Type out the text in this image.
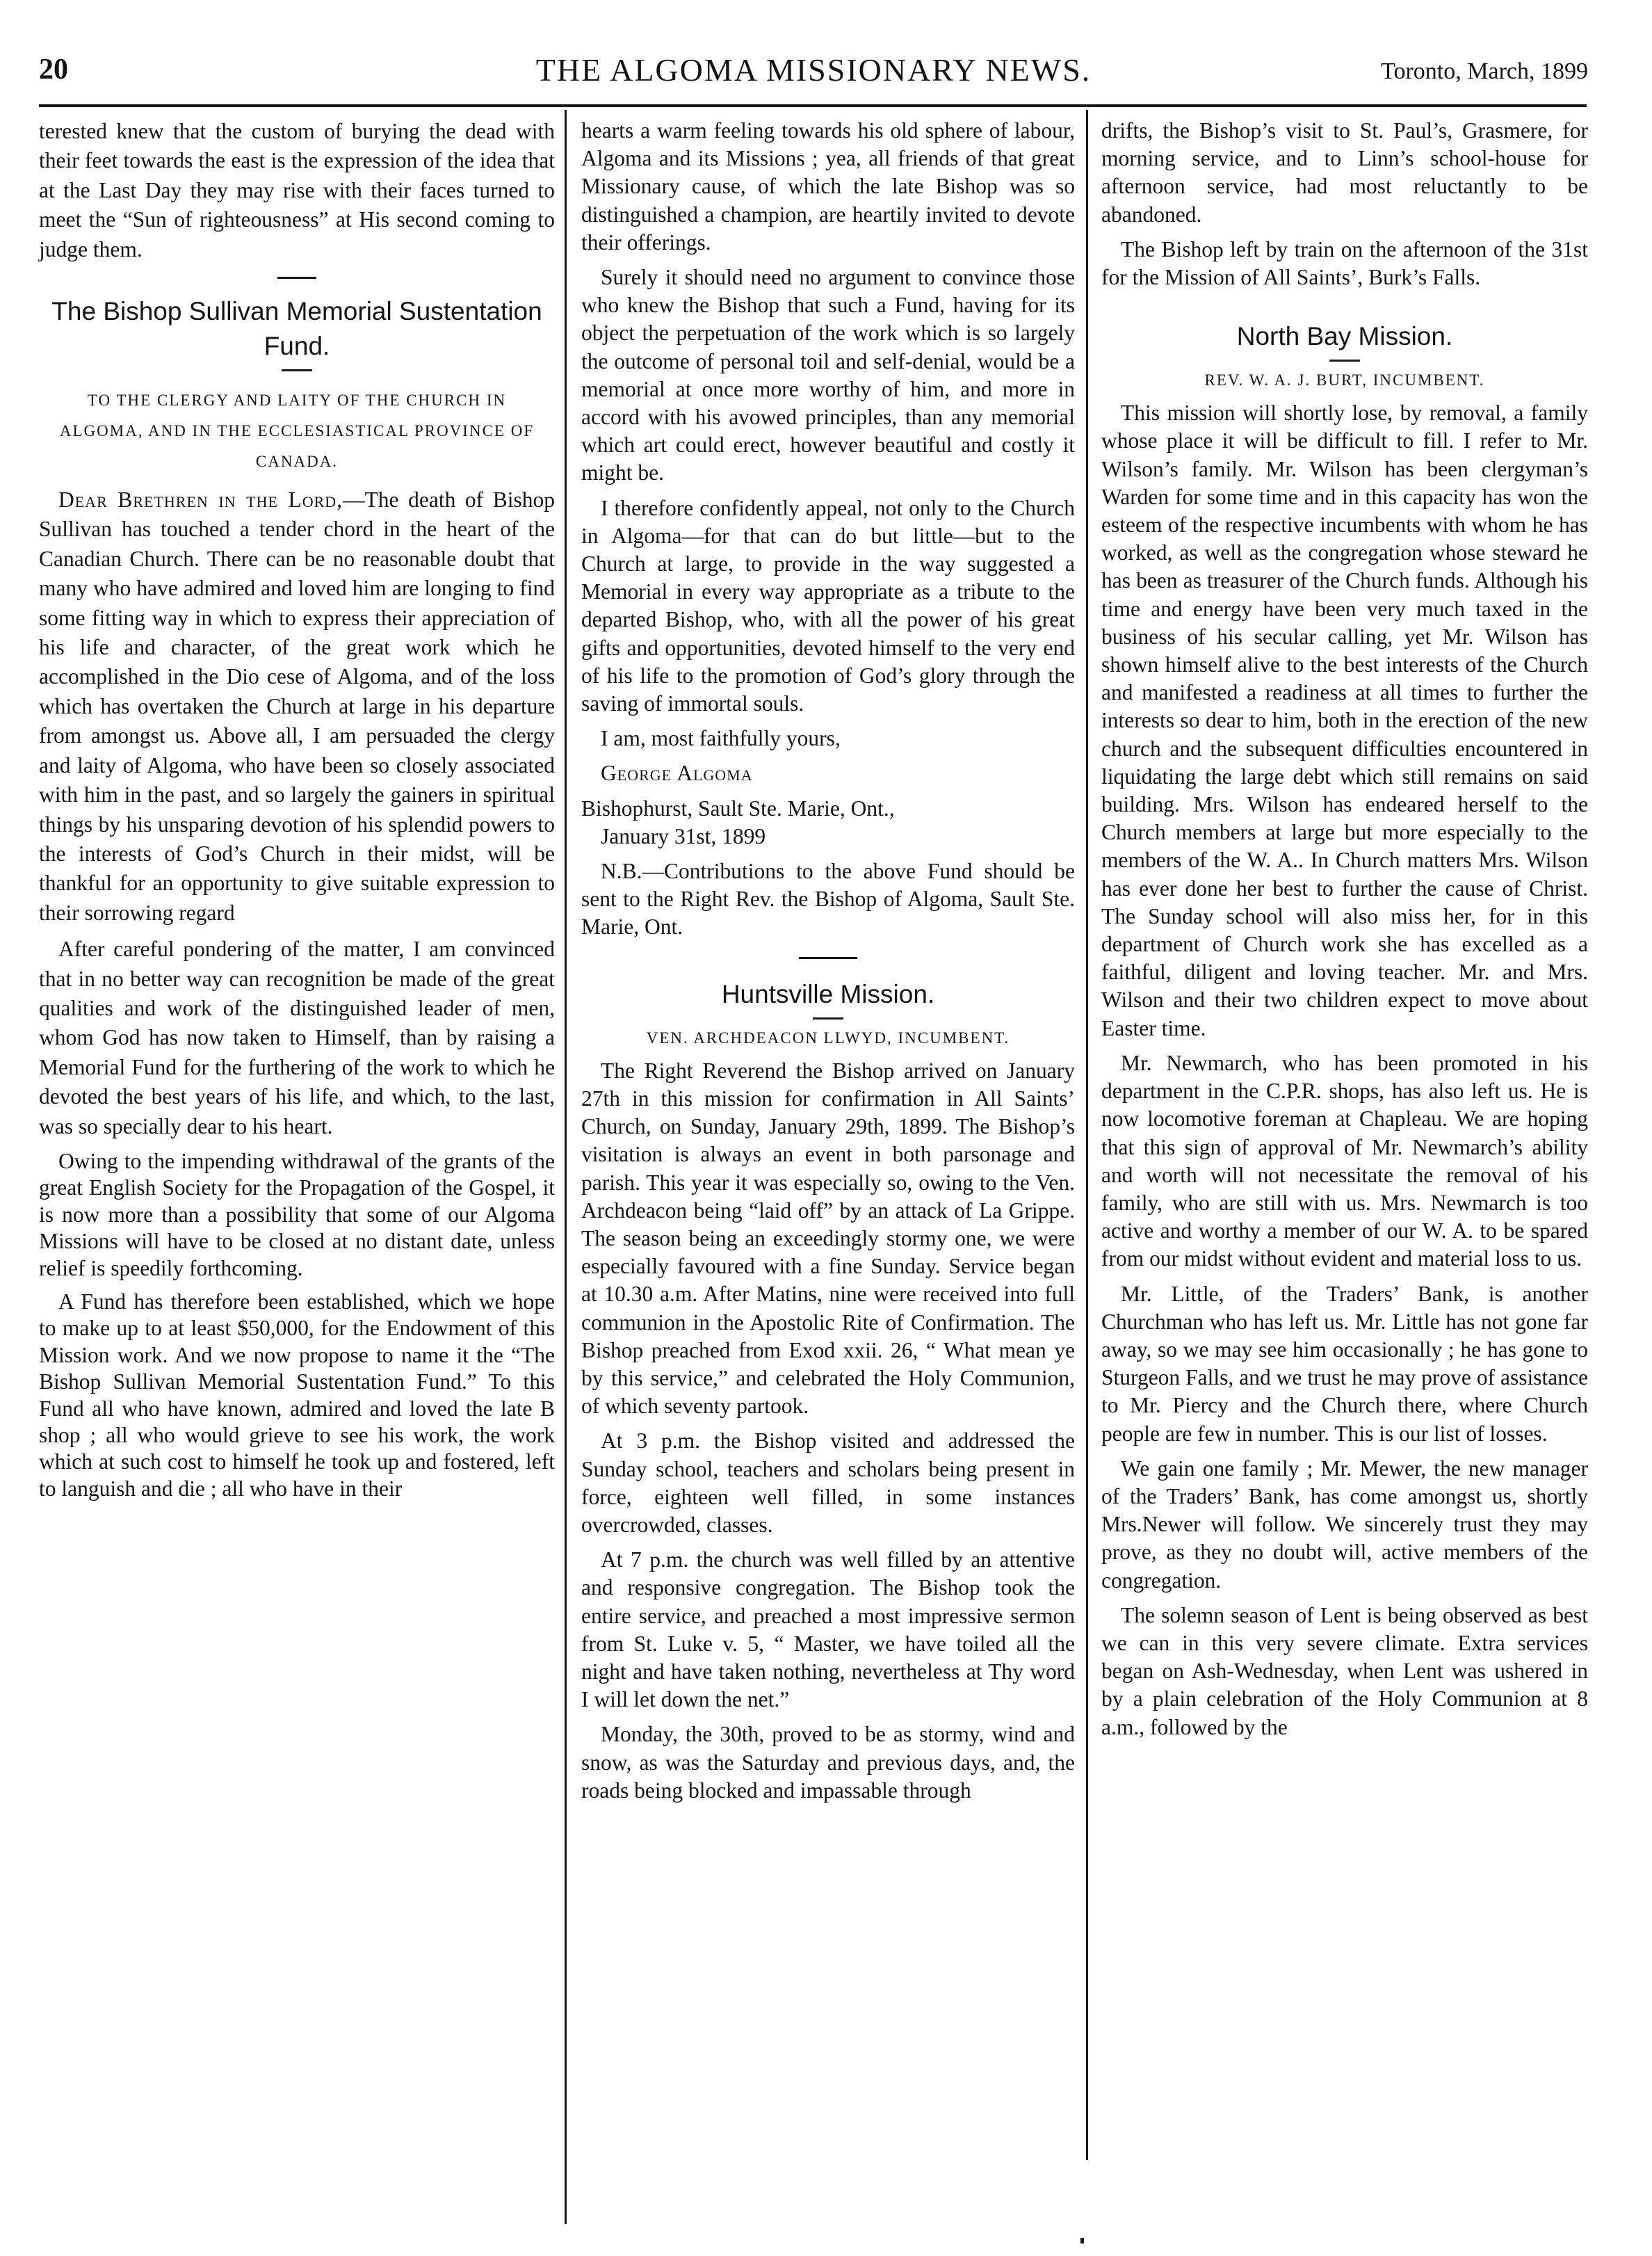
20	THE ALGOMA MISSIONARY NEWS.	Toronto, March, 1899

terested knew that the custom of burying the dead with their feet towards the east is the expression of the idea that at the Last Day they may rise with their faces turned to meet the “Sun of righteousness” at His second coming to judge them.

The Bishop Sullivan Memorial Sustentation Fund.
TO THE CLERGY AND LAITY OF THE CHURCH IN ALGOMA, AND IN THE ECCLESIASTICAL PROVINCE OF CANADA.

Dear Brethren in the Lord,—The death of Bishop Sullivan has touched a tender chord in the heart of the Canadian Church. There can be no reasonable doubt that many who have admired and loved him are longing to find some fitting way in which to express their appreciation of his life and character, of the great work which he accomplished in the Dio cese of Algoma, and of the loss which has overtaken the Church at large in his departure from amongst us. Above all, I am persuaded the clergy and laity of Algoma, who have been so closely associated with him in the past, and so largely the gainers in spiritual things by his unsparing devotion of his splendid powers to the interests of God’s Church in their midst, will be thankful for an opportunity to give suitable expression to their sorrowing regard

After careful pondering of the matter, I am convinced that in no better way can recognition be made of the great qualities and work of the distinguished leader of men, whom God has now taken to Himself, than by raising a Memorial Fund for the furthering of the work to which he devoted the best years of his life, and which, to the last, was so specially dear to his heart.

Owing to the impending withdrawal of the grants of the great English Society for the Propagation of the Gospel, it is now more than a possibility that some of our Algoma Missions will have to be closed at no distant date, unless relief is speedily forthcoming.

A Fund has therefore been established, which we hope to make up to at least $50,000, for the Endowment of this Mission work. And we now propose to name it the “The Bishop Sullivan Memorial Sustentation Fund.” To this Fund all who have known, admired and loved the late B shop ; all who would grieve to see his work, the work which at such cost to himself he took up and fostered, left to languish and die ; all who have in their

hearts a warm feeling towards his old sphere of labour, Algoma and its Missions ; yea, all friends of that great Missionary cause, of which the late Bishop was so distinguished a champion, are heartily invited to devote their offerings.

Surely it should need no argument to convince those who knew the Bishop that such a Fund, having for its object the perpetuation of the work which is so largely the outcome of personal toil and self-denial, would be a memorial at once more worthy of him, and more in accord with his avowed principles, than any memorial which art could erect, however beautiful and costly it might be.

I therefore confidently appeal, not only to the Church in Algoma—for that can do but little—but to the Church at large, to provide in the way suggested a Memorial in every way appropriate as a tribute to the departed Bishop, who, with all the power of his great gifts and opportunities, devoted himself to the very end of his life to the promotion of God’s glory through the saving of immortal souls.

I am, most faithfully yours,

George Algoma

Bishophurst, Sault Ste. Marie, Ont.,

January 31st, 1899

N.B.—Contributions to the above Fund should be sent to the Right Rev. the Bishop of Algoma, Sault Ste. Marie, Ont.

Huntsville Mission.
VEN. ARCHDEACON LLWYD, INCUMBENT.

The Right Reverend the Bishop arrived on January 27th in this mission for confirmation in All Saints’ Church, on Sunday, January 29th, 1899. The Bishop’s visitation is always an event in both parsonage and parish. This year it was especially so, owing to the Ven. Archdeacon being “laid off” by an attack of La Grippe. The season being an exceedingly stormy one, we were especially favoured with a fine Sunday. Service began at 10.30 a.m. After Matins, nine were received into full communion in the Apostolic Rite of Confirmation. The Bishop preached from Exod xxii. 26, “ What mean ye by this service,” and celebrated the Holy Communion, of which seventy partook.

At 3 p.m. the Bishop visited and addressed the Sunday school, teachers and scholars being present in force, eighteen well filled, in some instances overcrowded, classes.

At 7 p.m. the church was well filled by an attentive and responsive congregation. The Bishop took the entire service, and preached a most impressive sermon from St. Luke v. 5, “ Master, we have toiled all the night and have taken nothing, nevertheless at Thy word I will let down the net.”

Monday, the 30th, proved to be as stormy, wind and snow, as was the Saturday and previous days, and, the roads being blocked and impassable through

drifts, the Bishop’s visit to St. Paul’s, Grasmere, for morning service, and to Linn’s school-house for afternoon service, had most reluctantly to be abandoned.

The Bishop left by train on the afternoon of the 31st for the Mission of All Saints’, Burk’s Falls.

North Bay Mission.
REV. W. A. J. BURT, INCUMBENT.

This mission will shortly lose, by removal, a family whose place it will be difficult to fill. I refer to Mr. Wilson’s family. Mr. Wilson has been clergyman’s Warden for some time and in this capacity has won the esteem of the respective incumbents with whom he has worked, as well as the congregation whose steward he has been as treasurer of the Church funds. Although his time and energy have been very much taxed in the business of his secular calling, yet Mr. Wilson has shown himself alive to the best interests of the Church and manifested a readiness at all times to further the interests so dear to him, both in the erection of the new church and the subsequent difficulties encountered in liquidating the large debt which still remains on said building. Mrs. Wilson has endeared herself to the Church members at large but more especially to the members of the W. A.. In Church matters Mrs. Wilson has ever done her best to further the cause of Christ. The Sunday school will also miss her, for in this department of Church work she has excelled as a faithful, diligent and loving teacher. Mr. and Mrs. Wilson and their two children expect to move about Easter time.

Mr. Newmarch, who has been promoted in his department in the C.P.R. shops, has also left us. He is now locomotive foreman at Chapleau. We are hoping that this sign of approval of Mr. Newmarch’s ability and worth will not necessitate the removal of his family, who are still with us. Mrs. Newmarch is too active and worthy a member of our W. A. to be spared from our midst without evident and material loss to us.

Mr. Little, of the Traders’ Bank, is another Churchman who has left us. Mr. Little has not gone far away, so we may see him occasionally ; he has gone to Sturgeon Falls, and we trust he may prove of assistance to Mr. Piercy and the Church there, where Church people are few in number. This is our list of losses.

We gain one family ; Mr. Mewer, the new manager of the Traders’ Bank, has come amongst us, shortly Mrs.Newer will follow. We sincerely trust they may prove, as they no doubt will, active members of the congregation.

The solemn season of Lent is being observed as best we can in this very severe climate. Extra services began on Ash-Wednesday, when Lent was ushered in by a plain celebration of the Holy Communion at 8 a.m., followed by the
